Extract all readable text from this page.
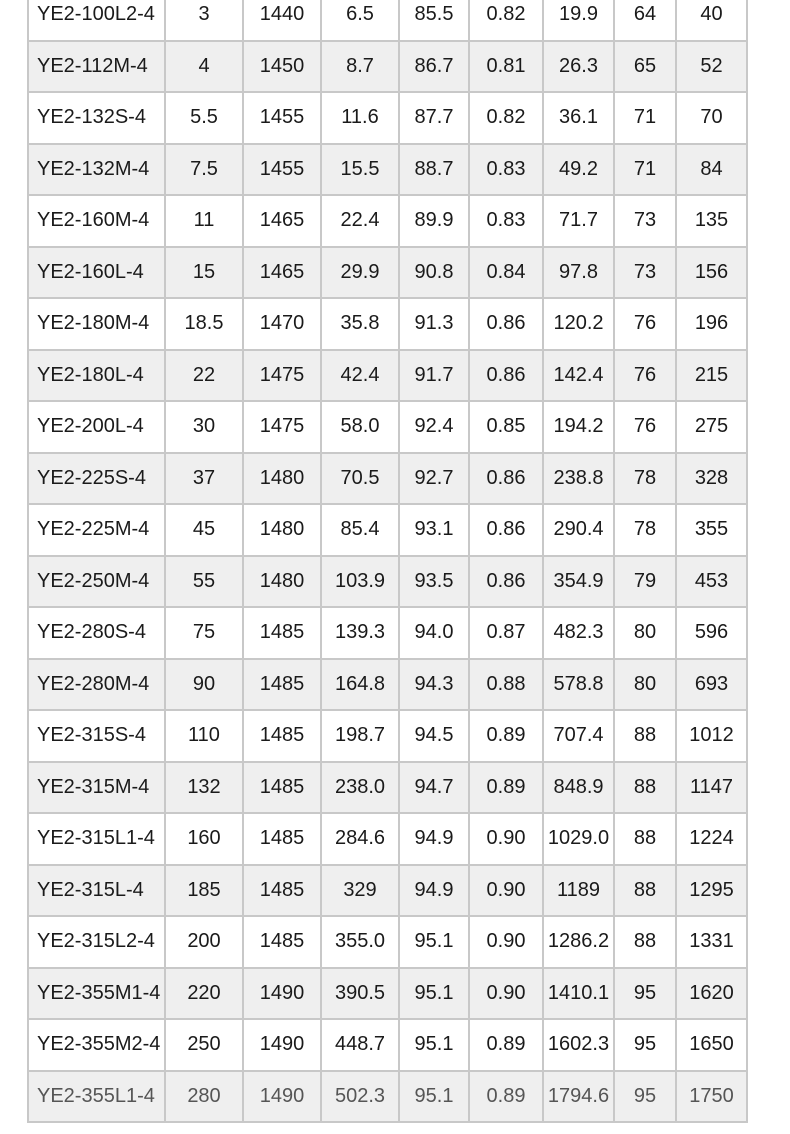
YE2-100L2-4	3	1440	6.5	85.5	0.82	19.9	64	40
YE2-112M-4	4	1450	8.7	86.7	0.81	26.3	65	52
YE2-132S-4	5.5	1455	11.6	87.7	0.82	36.1	71	70
YE2-132M-4	7.5	1455	15.5	88.7	0.83	49.2	71	84
YE2-160M-4	11	1465	22.4	89.9	0.83	71.7	73	135
YE2-160L-4	15	1465	29.9	90.8	0.84	97.8	73	156
YE2-180M-4	18.5	1470	35.8	91.3	0.86	120.2	76	196
YE2-180L-4	22	1475	42.4	91.7	0.86	142.4	76	215
YE2-200L-4	30	1475	58.0	92.4	0.85	194.2	76	275
YE2-225S-4	37	1480	70.5	92.7	0.86	238.8	78	328
YE2-225M-4	45	1480	85.4	93.1	0.86	290.4	78	355
YE2-250M-4	55	1480	103.9	93.5	0.86	354.9	79	453
YE2-280S-4	75	1485	139.3	94.0	0.87	482.3	80	596
YE2-280M-4	90	1485	164.8	94.3	0.88	578.8	80	693
YE2-315S-4	110	1485	198.7	94.5	0.89	707.4	88	1012
YE2-315M-4	132	1485	238.0	94.7	0.89	848.9	88	1147
YE2-315L1-4	160	1485	284.6	94.9	0.90	1029.0	88	1224
YE2-315L-4	185	1485	329	94.9	0.90	1189	88	1295
YE2-315L2-4	200	1485	355.0	95.1	0.90	1286.2	88	1331
YE2-355M1-4	220	1490	390.5	95.1	0.90	1410.1	95	1620
YE2-355M2-4	250	1490	448.7	95.1	0.89	1602.3	95	1650
YE2-355L1-4	280	1490	502.3	95.1	0.89	1794.6	95	1750
